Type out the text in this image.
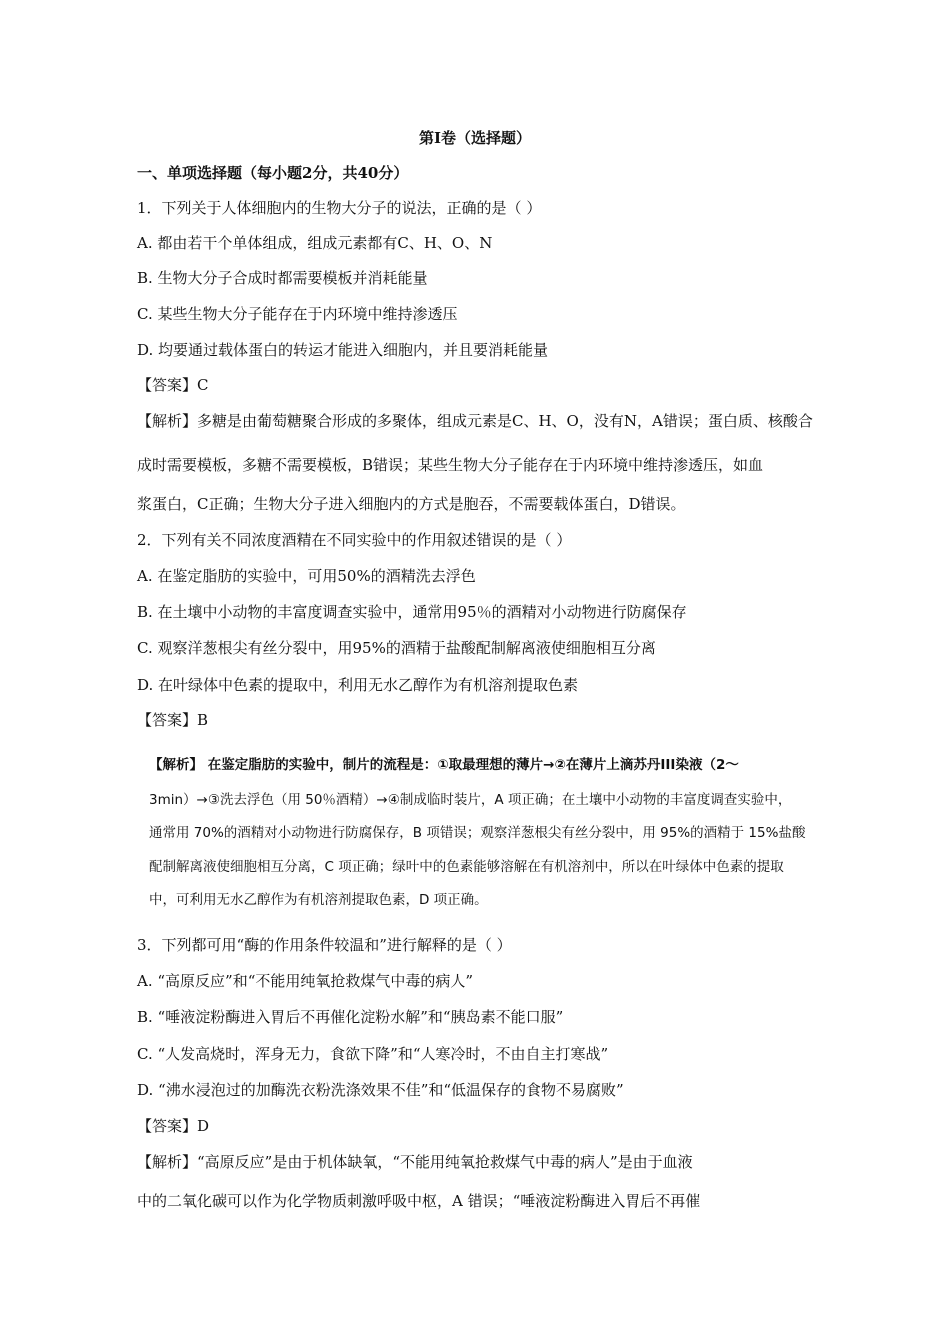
第Ⅰ卷（选择题）
一、单项选择题（每小题2分，共40分）
1．下列关于人体细胞内的生物大分子的说法，正确的是（ ）
A. 都由若干个单体组成，组成元素都有C、H、O、N
B. 生物大分子合成时都需要模板并消耗能量
C. 某些生物大分子能存在于内环境中维持渗透压
D. 均要通过载体蛋白的转运才能进入细胞内，并且要消耗能量
【答案】C
【解析】多糖是由葡萄糖聚合形成的多聚体，组成元素是C、H、O，没有N，A错误；蛋白质、核酸合
成时需要模板，多糖不需要模板，B错误；某些生物大分子能存在于内环境中维持渗透压，如血
浆蛋白，C正确；生物大分子进入细胞内的方式是胞吞，不需要载体蛋白，D错误。
2．下列有关不同浓度酒精在不同实验中的作用叙述错误的是（ ）
A. 在鉴定脂肪的实验中，可用50%的酒精洗去浮色
B. 在土壤中小动物的丰富度调查实验中，通常用95％的酒精对小动物进行防腐保存
C. 观察洋葱根尖有丝分裂中，用95%的酒精于盐酸配制解离液使细胞相互分离
D. 在叶绿体中色素的提取中，利用无水乙醇作为有机溶剂提取色素
【答案】B
【解析】 在鉴定脂肪的实验中，制片的流程是：①取最理想的薄片→②在薄片上滴苏丹III染液（2～
3min）→③洗去浮色（用 50％酒精）→④制成临时装片，A 项正确；在土壤中小动物的丰富度调查实验中，
通常用 70%的酒精对小动物进行防腐保存，B 项错误；观察洋葱根尖有丝分裂中，用 95%的酒精于 15%盐酸
配制解离液使细胞相互分离，C 项正确；绿叶中的色素能够溶解在有机溶剂中，所以在叶绿体中色素的提取
中，可利用无水乙醇作为有机溶剂提取色素，D 项正确。
3．下列都可用“酶的作用条件较温和”进行解释的是（ ）
A. “高原反应”和“不能用纯氧抢救煤气中毒的病人”
B. “唾液淀粉酶进入胃后不再催化淀粉水解”和“胰岛素不能口服”
C. “人发高烧时，浑身无力，食欲下降”和“人寒冷时，不由自主打寒战”
D. “沸水浸泡过的加酶洗衣粉洗涤效果不佳”和“低温保存的食物不易腐败”
【答案】D
【解析】“高原反应”是由于机体缺氧，“不能用纯氧抢救煤气中毒的病人”是由于血液
中的二氧化碳可以作为化学物质刺激呼吸中枢，A 错误；“唾液淀粉酶进入胃后不再催
